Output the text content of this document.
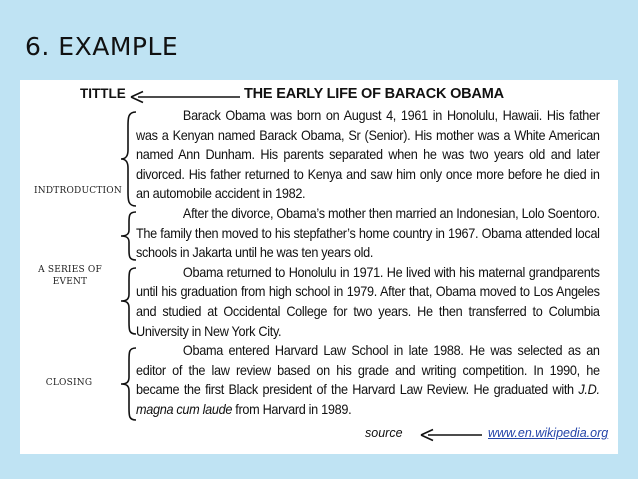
6. EXAMPLE
TITTLE	THE EARLY LIFE OF BARACK OBAMA
INDTRODUCTION
A SERIES OF
EVENT
CLOSING

Barack Obama was born on August 4, 1961 in Honolulu, Hawaii. His father was a Kenyan named Barack Obama, Sr (Senior). His mother was a White American named Ann Dunham. His parents separated when he was two years old and later divorced. His father returned to Kenya and saw him only once more before he died in an automobile accident in 1982.

After the divorce, Obama’s mother then married an Indonesian, Lolo Soentoro. The family then moved to his stepfather’s home country in 1967. Obama attended local schools in Jakarta until he was ten years old.

Obama returned to Honolulu in 1971. He lived with his maternal grandparents until his graduation from high school in 1979. After that, Obama moved to Los Angeles and studied at Occidental College for two years. He then transferred to Columbia University in New York City.

Obama entered Harvard Law School in late 1988. He was selected as an editor of the law review based on his grade and writing competition. In 1990, he became the first Black president of the Harvard Law Review. He graduated with J.D. magna cum laude from Harvard in 1989.

source	www.en.wikipedia.org
